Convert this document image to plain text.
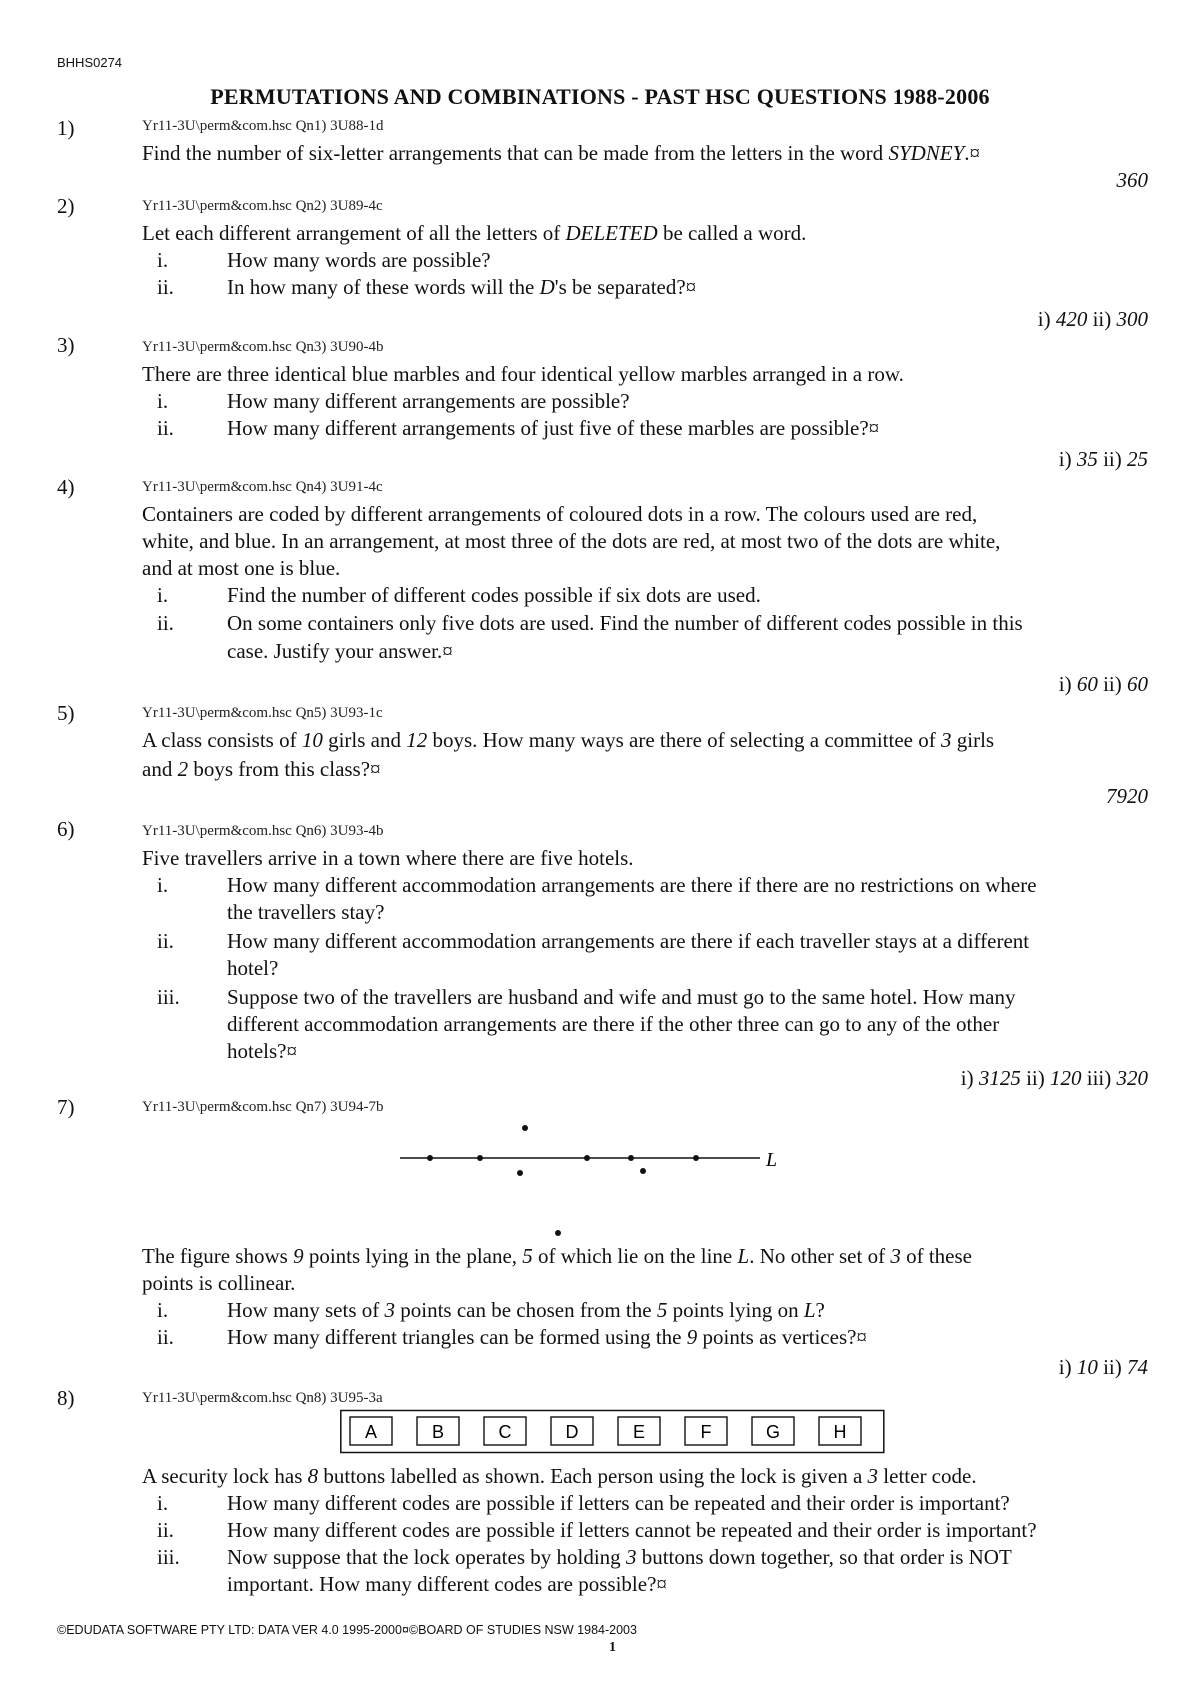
BHHS0274
PERMUTATIONS AND COMBINATIONS - PAST HSC QUESTIONS 1988-2006
1)	Yr11-3U\perm&com.hsc Qn1) 3U88-1d
Find the number of six-letter arrangements that can be made from the letters in the word SYDNEY.¤
360
2)	Yr11-3U\perm&com.hsc Qn2) 3U89-4c
Let each different arrangement of all the letters of DELETED be called a word.
i.	How many words are possible?
ii.	In how many of these words will the D's be separated?¤
i) 420 ii) 300
3)	Yr11-3U\perm&com.hsc Qn3) 3U90-4b
There are three identical blue marbles and four identical yellow marbles arranged in a row.
i.	How many different arrangements are possible?
ii.	How many different arrangements of just five of these marbles are possible?¤
i) 35 ii) 25
4)	Yr11-3U\perm&com.hsc Qn4) 3U91-4c
Containers are coded by different arrangements of coloured dots in a row. The colours used are red,
white, and blue. In an arrangement, at most three of the dots are red, at most two of the dots are white,
and at most one is blue.
i.	Find the number of different codes possible if six dots are used.
ii.	On some containers only five dots are used. Find the number of different codes possible in this
case. Justify your answer.¤
i) 60 ii) 60
5)	Yr11-3U\perm&com.hsc Qn5) 3U93-1c
A class consists of 10 girls and 12 boys. How many ways are there of selecting a committee of 3 girls
and 2 boys from this class?¤
7920
6)	Yr11-3U\perm&com.hsc Qn6) 3U93-4b
Five travellers arrive in a town where there are five hotels.
i.	How many different accommodation arrangements are there if there are no restrictions on where
the travellers stay?
ii.	How many different accommodation arrangements are there if each traveller stays at a different
hotel?
iii. Suppose two of the travellers are husband and wife and must go to the same hotel. How many
different accommodation arrangements are there if the other three can go to any of the other
hotels?¤
i) 3125 ii) 120 iii) 320
7)	Yr11-3U\perm&com.hsc Qn7) 3U94-7b
L
The figure shows 9 points lying in the plane, 5 of which lie on the line L. No other set of 3 of these
points is collinear.
i.	How many sets of 3 points can be chosen from the 5 points lying on L?
ii.	How many different triangles can be formed using the 9 points as vertices?¤
i) 10 ii) 74
8)	Yr11-3U\perm&com.hsc Qn8) 3U95-3a
A	B	C	D	E	F	G	H
A security lock has 8 buttons labelled as shown. Each person using the lock is given a 3 letter code.
i.	How many different codes are possible if letters can be repeated and their order is important?
ii.	How many different codes are possible if letters cannot be repeated and their order is important?
iii. Now suppose that the lock operates by holding 3 buttons down together, so that order is NOT
important. How many different codes are possible?¤
©EDUDATA SOFTWARE PTY LTD: DATA VER 4.0 1995-2000¤©BOARD OF STUDIES NSW 1984-2003
1
